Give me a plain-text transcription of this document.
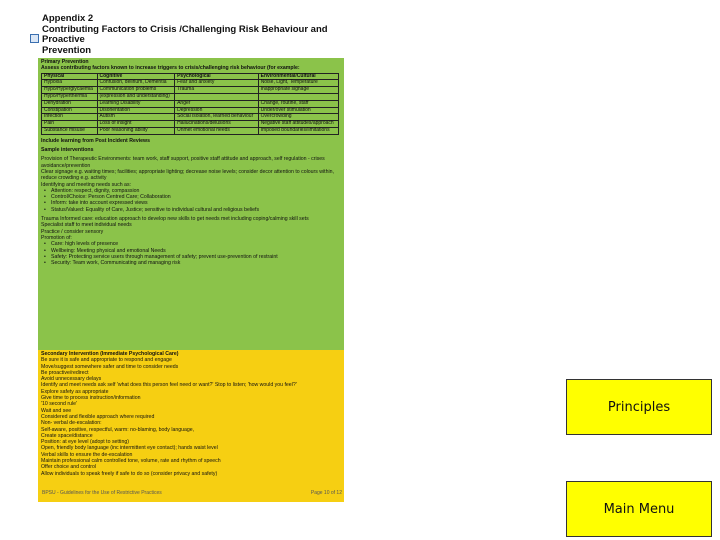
Appendix 2
Contributing Factors to Crisis /Challenging Risk Behaviour and Proactive
Prevention
Primary Prevention
Assess contributing factors known to increase triggers to crisis/challenging risk behaviour (for example:
Physical	Cognitive	Psychological	Environmental/Cultural
Hypoxia	Confusion, delirium, Dementia	Fear and anxiety	Noise, Light, Temperature
Hypo/Hyperglycaemia	Communication problems	Trauma	Inappropriate signage
Hypo/Hyperthermia	(expression and understanding)		
Dehydration	Learning Disability	Anger	Change, routine, staff
Constipation	Disorientation	Depression	Under/over stimulation
Infection	Autism	Social isolation, learned behaviour	Overcrowding
Pain	Loss of insight	Hallucinations/delusions	Negative staff attitudes/approach
Substance misuse	Poor reasoning ability	Unmet emotional needs	Imposed boundaries/limitations
Include learning from Post Incident Reviews
Sample interventions
Provision of Therapeutic Environments: team work, staff support, positive staff attitude and approach, self regulation - crises avoidance/prevention
Clear signage e.g. waiting times; facilities; appropriate lighting; decrease noise levels; consider decor attention to colours within, reduce crowding e.g. activity
Identifying and meeting needs such as:
• Attention: respect, dignity, compassion
• Control/Choice: Person Centred Care; Collaboration
• Inform: take into account expressed views
• Status/Valued: Equality of Care, Justice; sensitive to individual cultural and religious beliefs
Trauma Informed care: education approach to develop new skills to get needs met including coping/calming skill sets
Specialist staff to meet individual needs
Practice / consider sensory
Promotion of:
• Care: high levels of presence
• Wellbeing: Meeting physical and emotional Needs
• Safety: Protecting service users through management of safety; prevent use-prevention of restraint
• Security: Team work, Communicating and managing risk
Secondary Intervention (Immediate Psychological Care)
Be sure it is safe and appropriate to respond and engage
Move/suggest somewhere safer and time to consider needs
Be proactive/redirect
Avoid unnecessary delays
Identify and meet needs ask self 'what does this person feel need or want?' Stop to listen; 'how would you feel?'
Explore safety as appropriate
Give time to process instruction/information
'10 second rule'
Wait and see
Considered and flexible approach where required
Non- verbal de-escalation:
Self-aware, positive, respectful, warm: no-blaming, body language,
Create space/distance
Position: at eye level (adopt to setting)
Open, friendly body language (inc intermittent eye contact); hands waist level
Verbal skills to ensure the de-escalation
Maintain professional calm controlled tone, volume, rate and rhythm of speech
Offer choice and control
Allow individuals to speak freely if safe to do so (consider privacy and safety)
BPSU - Guidelines for the Use of Restrictive Practices	Page 10 of 12
Principles
Main Menu
